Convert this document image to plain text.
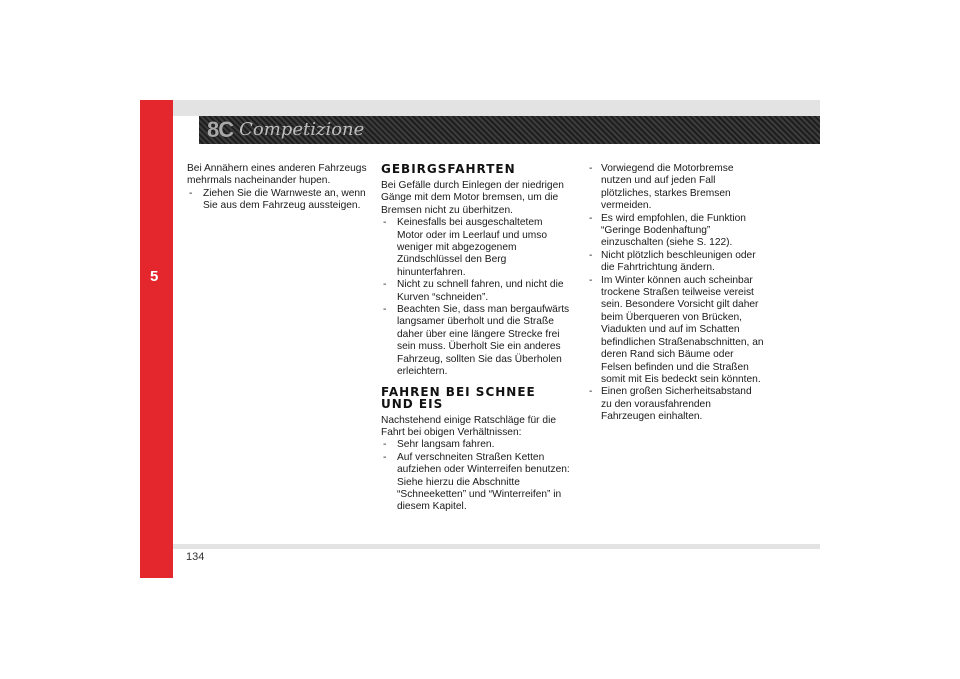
5
8C Competizione

Bei Annähern eines anderen Fahrzeugs mehrmals nacheinander hupen.

- Ziehen Sie die Warnweste an, wenn Sie aus dem Fahrzeug aussteigen.
GEBIRGSFAHRTEN

Bei Gefälle durch Einlegen der niedrigen Gänge mit dem Motor bremsen, um die Bremsen nicht zu überhitzen.

- Keinesfalls bei ausgeschaltetem Motor oder im Leerlauf und umso weniger mit abgezogenem Zündschlüssel den Berg hinunterfahren.
- Nicht zu schnell fahren, und nicht die Kurven “schneiden”.
- Beachten Sie, dass man bergaufwärts langsamer überholt und die Straße daher über eine längere Strecke frei sein muss. Überholt Sie ein anderes Fahrzeug, sollten Sie das Überholen erleichtern.
FAHREN BEI SCHNEE UND EIS

Nachstehend einige Ratschläge für die Fahrt bei obigen Verhältnissen:

- Sehr langsam fahren.
- Auf verschneiten Straßen Ketten aufziehen oder Winterreifen benutzen: Siehe hierzu die Abschnitte “Schneeketten” und “Winterreifen” in diesem Kapitel.
- Vorwiegend die Motorbremse nutzen und auf jeden Fall plötzliches, starkes Bremsen vermeiden.
- Es wird empfohlen, die Funktion “Geringe Bodenhaftung” einzuschalten (siehe S. 122).
- Nicht plötzlich beschleunigen oder die Fahrtrichtung ändern.
- Im Winter können auch scheinbar trockene Straßen teilweise vereist sein. Besondere Vorsicht gilt daher beim Überqueren von Brücken, Viadukten und auf im Schatten befindlichen Straßenabschnitten, an deren Rand sich Bäume oder Felsen befinden und die Straßen somit mit Eis bedeckt sein könnten.
- Einen großen Sicherheitsabstand zu den vorausfahrenden Fahrzeugen einhalten.
134
